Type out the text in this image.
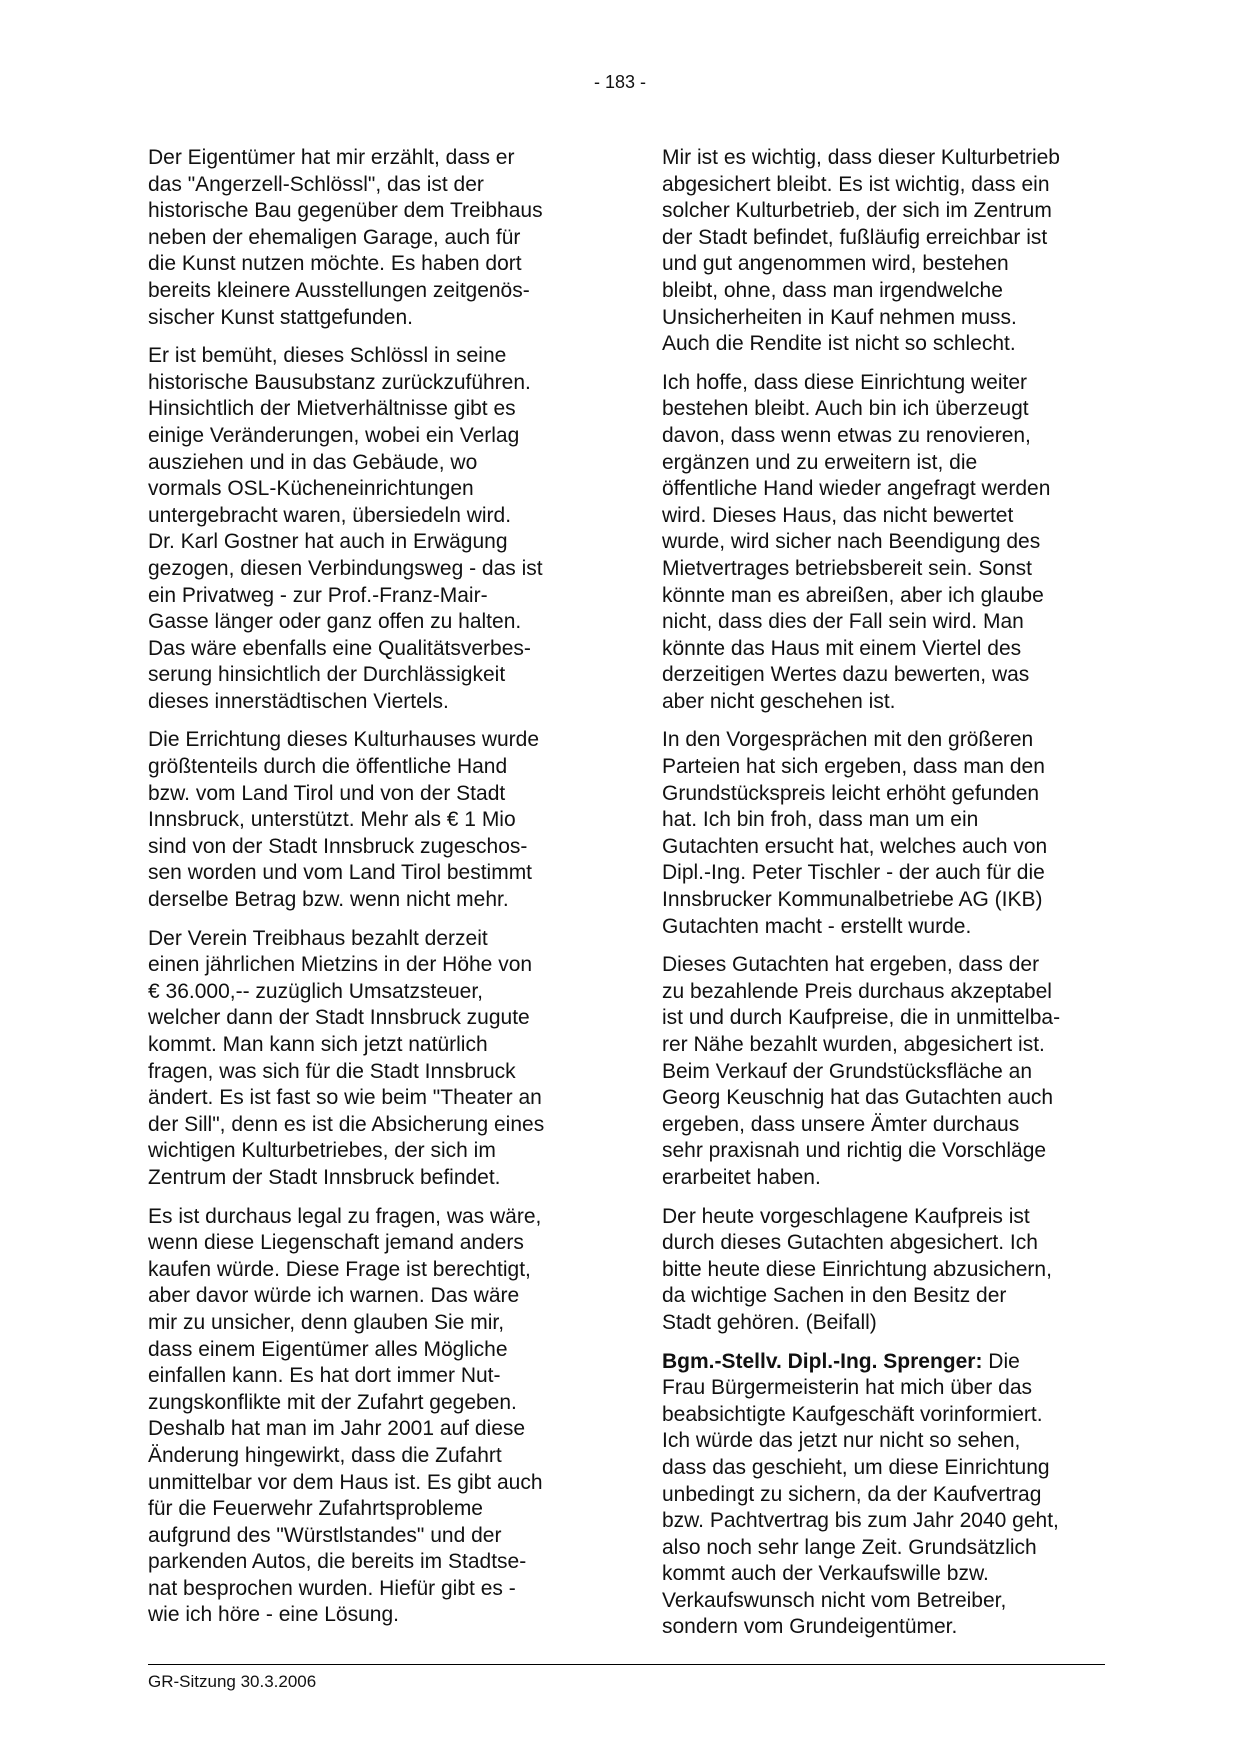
- 183 -

Der Eigentümer hat mir erzählt, dass er
das "Angerzell-Schlössl", das ist der
historische Bau gegenüber dem Treibhaus
neben der ehemaligen Garage, auch für
die Kunst nutzen möchte. Es haben dort
bereits kleinere Ausstellungen zeitgenös-
sischer Kunst stattgefunden.

Er ist bemüht, dieses Schlössl in seine
historische Bausubstanz zurückzuführen.
Hinsichtlich der Mietverhältnisse gibt es
einige Veränderungen, wobei ein Verlag
ausziehen und in das Gebäude, wo
vormals OSL-Kücheneinrichtungen
untergebracht waren, übersiedeln wird.
Dr. Karl Gostner hat auch in Erwägung
gezogen, diesen Verbindungsweg - das ist
ein Privatweg - zur Prof.-Franz-Mair-
Gasse länger oder ganz offen zu halten.
Das wäre ebenfalls eine Qualitätsverbes-
serung hinsichtlich der Durchlässigkeit
dieses innerstädtischen Viertels.

Die Errichtung dieses Kulturhauses wurde
größtenteils durch die öffentliche Hand
bzw. vom Land Tirol und von der Stadt
Innsbruck, unterstützt. Mehr als € 1 Mio
sind von der Stadt Innsbruck zugeschos-
sen worden und vom Land Tirol bestimmt
derselbe Betrag bzw. wenn nicht mehr.

Der Verein Treibhaus bezahlt derzeit
einen jährlichen Mietzins in der Höhe von
€ 36.000,-- zuzüglich Umsatzsteuer,
welcher dann der Stadt Innsbruck zugute
kommt. Man kann sich jetzt natürlich
fragen, was sich für die Stadt Innsbruck
ändert. Es ist fast so wie beim "Theater an
der Sill", denn es ist die Absicherung eines
wichtigen Kulturbetriebes, der sich im
Zentrum der Stadt Innsbruck befindet.

Es ist durchaus legal zu fragen, was wäre,
wenn diese Liegenschaft jemand anders
kaufen würde. Diese Frage ist berechtigt,
aber davor würde ich warnen. Das wäre
mir zu unsicher, denn glauben Sie mir,
dass einem Eigentümer alles Mögliche
einfallen kann. Es hat dort immer Nut-
zungskonflikte mit der Zufahrt gegeben.
Deshalb hat man im Jahr 2001 auf diese
Änderung hingewirkt, dass die Zufahrt
unmittelbar vor dem Haus ist. Es gibt auch
für die Feuerwehr Zufahrtsprobleme
aufgrund des "Würstlstandes" und der
parkenden Autos, die bereits im Stadtse-
nat besprochen wurden. Hiefür gibt es -
wie ich höre - eine Lösung.

Mir ist es wichtig, dass dieser Kulturbetrieb
abgesichert bleibt. Es ist wichtig, dass ein
solcher Kulturbetrieb, der sich im Zentrum
der Stadt befindet, fußläufig erreichbar ist
und gut angenommen wird, bestehen
bleibt, ohne, dass man irgendwelche
Unsicherheiten in Kauf nehmen muss.
Auch die Rendite ist nicht so schlecht.

Ich hoffe, dass diese Einrichtung weiter
bestehen bleibt. Auch bin ich überzeugt
davon, dass wenn etwas zu renovieren,
ergänzen und zu erweitern ist, die
öffentliche Hand wieder angefragt werden
wird. Dieses Haus, das nicht bewertet
wurde, wird sicher nach Beendigung des
Mietvertrages betriebsbereit sein. Sonst
könnte man es abreißen, aber ich glaube
nicht, dass dies der Fall sein wird. Man
könnte das Haus mit einem Viertel des
derzeitigen Wertes dazu bewerten, was
aber nicht geschehen ist.

In den Vorgesprächen mit den größeren
Parteien hat sich ergeben, dass man den
Grundstückspreis leicht erhöht gefunden
hat. Ich bin froh, dass man um ein
Gutachten ersucht hat, welches auch von
Dipl.-Ing. Peter Tischler - der auch für die
Innsbrucker Kommunalbetriebe AG (IKB)
Gutachten macht - erstellt wurde.

Dieses Gutachten hat ergeben, dass der
zu bezahlende Preis durchaus akzeptabel
ist und durch Kaufpreise, die in unmittelba-
rer Nähe bezahlt wurden, abgesichert ist.
Beim Verkauf der Grundstücksfläche an
Georg Keuschnig hat das Gutachten auch
ergeben, dass unsere Ämter durchaus
sehr praxisnah und richtig die Vorschläge
erarbeitet haben.

Der heute vorgeschlagene Kaufpreis ist
durch dieses Gutachten abgesichert. Ich
bitte heute diese Einrichtung abzusichern,
da wichtige Sachen in den Besitz der
Stadt gehören. (Beifall)

Bgm.-Stellv. Dipl.-Ing. Sprenger: Die
Frau Bürgermeisterin hat mich über das
beabsichtigte Kaufgeschäft vorinformiert.
Ich würde das jetzt nur nicht so sehen,
dass das geschieht, um diese Einrichtung
unbedingt zu sichern, da der Kaufvertrag
bzw. Pachtvertrag bis zum Jahr 2040 geht,
also noch sehr lange Zeit. Grundsätzlich
kommt auch der Verkaufswille bzw.
Verkaufswunsch nicht vom Betreiber,
sondern vom Grundeigentümer.

GR-Sitzung 30.3.2006
